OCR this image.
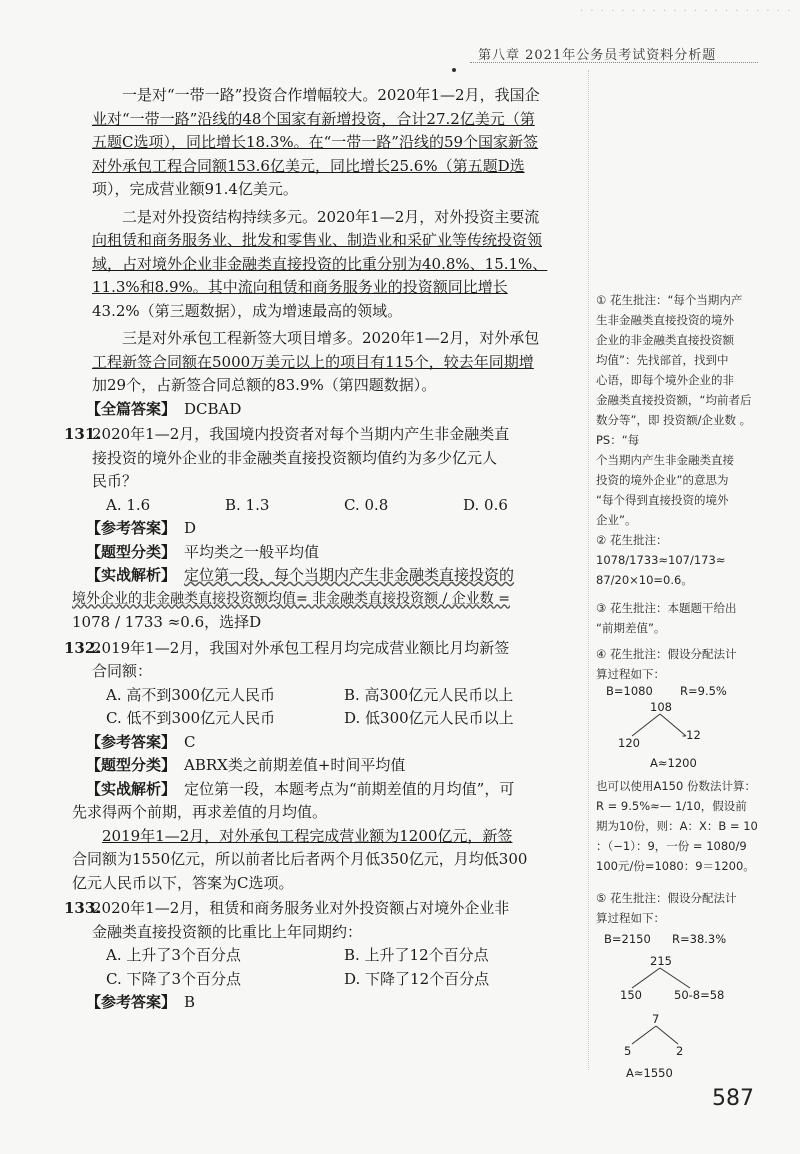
· · · · · · · · · · · · · · · · · · · · ·
第八章 2021年公务员考试资料分析题
一是对“一带一路”投资合作增幅较大。2020年1—2月，我国企
业对“一带一路”沿线的48个国家有新增投资，合计27.2亿美元（第
五题C选项），同比增长18.3%。在“一带一路”沿线的59个国家新签
对外承包工程合同额153.6亿美元，同比增长25.6%（第五题D选
项），完成营业额91.4亿美元。
二是对外投资结构持续多元。2020年1—2月，对外投资主要流
向租赁和商务服务业、批发和零售业、制造业和采矿业等传统投资领
域，占对境外企业非金融类直接投资的比重分别为40.8%、15.1%、
11.3%和8.9%。其中流向租赁和商务服务业的投资额同比增长
43.2%（第三题数据），成为增速最高的领域。
三是对外承包工程新签大项目增多。2020年1—2月，对外承包
工程新签合同额在5000万美元以上的项目有115个，较去年同期增
加29个，占新签合同总额的83.9%（第四题数据）。
【全篇答案】 DCBAD
131.
2020年1—2月，我国境内投资者对每个当期内产生非金融类直
接投资的境外企业的非金融类直接投资额均值约为多少亿元人
民币？
A. 1.6	B. 1.3	C. 0.8	D. 0.6
【参考答案】 D
【题型分类】 平均类之一般平均值
【实战解析】 定位第一段，每个当期内产生非金融类直接投资的
境外企业的非金融类直接投资额均值= 非金融类直接投资额 / 企业数 =
1078 / 1733 ≈0.6，选择D
132.
2019年1—2月，我国对外承包工程月均完成营业额比月均新签
合同额：
A. 高不到300亿元人民币	B. 高300亿元人民币以上
C. 低不到300亿元人民币	D. 低300亿元人民币以上
【参考答案】 C
【题型分类】 ABRX类之前期差值+时间平均值
【实战解析】 定位第一段，本题考点为“前期差值的月均值”，可
先求得两个前期，再求差值的月均值。
2019年1—2月，对外承包工程完成营业额为1200亿元，新签
合同额为1550亿元，所以前者比后者两个月低350亿元，月均低300
亿元人民币以下，答案为C选项。
133.
2020年1—2月，租赁和商务服务业对外投资额占对境外企业非
金融类直接投资额的比重比上年同期约：
A. 上升了3个百分点	B. 上升了12个百分点
C. 下降了3个百分点	D. 下降了12个百分点
【参考答案】 B
① 花生批注：“每个当期内产
生非金融类直接投资的境外
企业的非金融类直接投资额
均值”：先找部首，找到中
心语，即每个境外企业的非
金融类直接投资额，“均前者后
数分等”，即 投资额/企业数 。PS：“每
个当期内产生非金融类直接
投资的境外企业”的意思为
“每个得到直接投资的境外
企业”。
② 花生批注：1078/1733≈107/173≈
87/20×10=0.6。
③ 花生批注：本题题干给出
“前期差值”。
④ 花生批注：假设分配法计
算过程如下：
B=1080 R=9.5%
108
120
-12
A≈1200
也可以使用A150 份数法计算：
R = 9.5%≈— 1/10，假设前
期为10份，则：A：X：B = 10
：（−1）：9，一份 = 1080/9
100元/份=1080：9＝1200。
⑤ 花生批注：假设分配法计
算过程如下：
B=2150 R=38.3%
215
150	50-8=58
7
5	2
A≈1550
587
